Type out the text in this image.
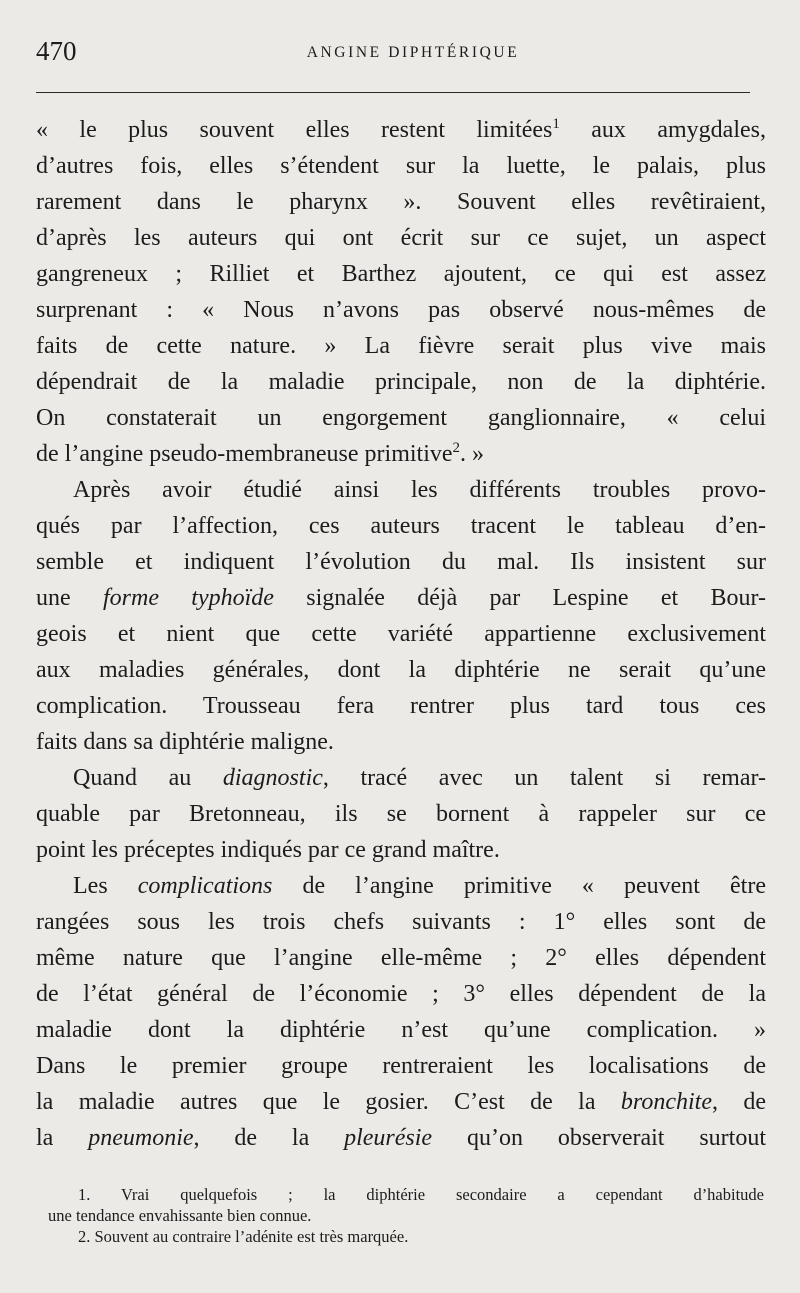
470	ANGINE DIPHTÉRIQUE
« le plus souvent elles restent limitées$^1$ aux amygdales,
d’autres fois, elles s’étendent sur la luette, le palais, plus
rarement dans le pharynx ». Souvent elles revêtiraient,
d’après les auteurs qui ont écrit sur ce sujet, un aspect
gangreneux ; Rilliet et Barthez ajoutent, ce qui est assez
surprenant : « Nous n’avons pas observé nous-mêmes de
faits de cette nature. » La fièvre serait plus vive mais
dépendrait de la maladie principale, non de la diphtérie.
On constaterait un engorgement ganglionnaire, « celui
de l’angine pseudo-membraneuse primitive$^2$. »
Après avoir étudié ainsi les différents troubles provo-
qués par l’affection, ces auteurs tracent le tableau d’en-
semble et indiquent l’évolution du mal. Ils insistent sur
une forme typhoïde signalée déjà par Lespine et Bour-
geois et nient que cette variété appartienne exclusivement
aux maladies générales, dont la diphtérie ne serait qu’une
complication. Trousseau fera rentrer plus tard tous ces
faits dans sa diphtérie maligne.
Quand au diagnostic, tracé avec un talent si remar-
quable par Bretonneau, ils se bornent à rappeler sur ce
point les préceptes indiqués par ce grand maître.
Les complications de l’angine primitive « peuvent être
rangées sous les trois chefs suivants : 1° elles sont de
même nature que l’angine elle-même ; 2° elles dépendent
de l’état général de l’économie ; 3° elles dépendent de la
maladie dont la diphtérie n’est qu’une complication. »
Dans le premier groupe rentreraient les localisations de
la maladie autres que le gosier. C’est de la bronchite, de
la pneumonie, de la pleurésie qu’on observerait surtout
1. Vrai quelquefois ; la diphtérie secondaire a cependant d’habitude
une tendance envahissante bien connue.
2. Souvent au contraire l’adénite est très marquée.
